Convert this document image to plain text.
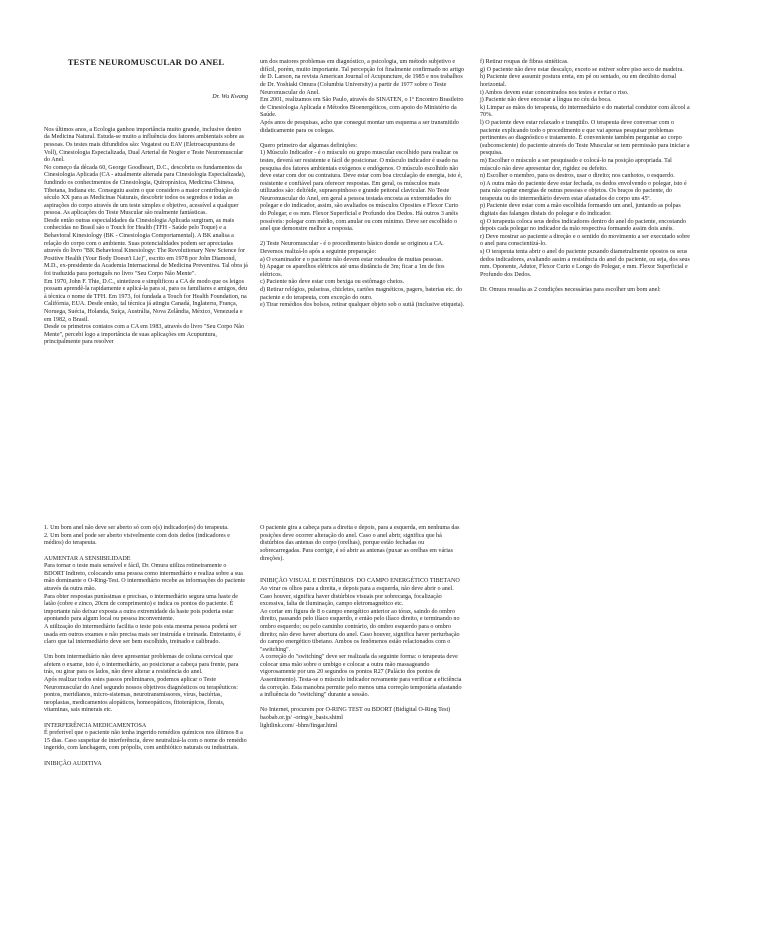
TESTE NEUROMUSCULAR DO ANEL

Dr. Wu Kwang

Nos últimos anos, a Ecologia ganhou importância muito grande, inclusive dentro da Medicina Natural. Estuda-se muito a influência dos fatores ambientais sobre as pessoas. Os testes mais difundidos são: Vegatest ou EAV (Eletroacupuntura de Voll), Cinesiologia Especializada, Dual Arterial de Nogier e Teste Neuromuscular do Anel.

No começo da década 60, George Goodheart, D.C., descobriu os fundamentos da Cinesiologia Aplicada (CA - atualmente alterada para Cinesiologia Especializada), fundindo os conhecimentos de Cinesiologia, Quiropráxica, Medicina Chinesa, Tibetana, Indiana etc. Conseguiu assim o que considero a maior contribuição do século XX para as Medicinas Naturais, descobrir todos os segredos e todas as aspirações do corpo através de um teste simples e objetivo, acessível a qualquer pessoa. As aplicações do Teste Muscular são realmente fantásticas.

Desde então outras especialidades da Cinesiologia Aplicada surgiram, as mais conhecidas no Brasil são o Touch for Health (TFH - Saúde pelo Toque) e a Behavioral Kinesiology (BK - Cinesiologia Comportamental). A BK analisa a relação do corpo com o ambiente. Suas potencialidades podem ser apreciadas através do livro "BK Behavioral Kinesiology: The Revolutionary New Science for Positive Health (Your Body Doesn't Lie)", escrito em 1978 por John Diamond, M.D., ex-presidente da Academia Internacional de Medicina Preventiva. Tal obra já foi traduzida para português no livro "Seu Corpo Não Mente".

Em 1970, John F. Thie, D.C., sintetizou e simplificou a CA de modo que os leigos possam aprendê-la rapidamente e aplicá-la para si, para os familiares e amigos, deu à técnica o nome de TFH. Em 1973, foi fundada a Touch for Health Foundation, na Califórnia, EUA. Desde então, tal técnica já atingiu Canadá, Inglaterra, França, Noruega, Suécia, Holanda, Suíça, Austrália, Nova Zelândia, México, Venezuela e em 1982, o Brasil.

Desde os primeiros contatos com a CA em 1983, através do livro "Seu Corpo Não Mente", percebi logo a importância de suas aplicações em Acupuntura, principalmente para resolver

um dos maiores problemas em diagnóstico, a psicologia, um método subjetivo e difícil, porém, muito importante. Tal percepção foi finalmente confirmado no artigo de D. Larson, na revista American Journal of Acupuncture, de 1985 e nos trabalhos de Dr. Yoshiaki Omura (Columbia University) a partir de 1977 sobre o Teste Neuromuscular do Anel.

Em 2001, realizamos em São Paulo, através do SINATEN, o 1º Encontro Brasileiro de Cinesiologia Aplicada e Métodos Bioenergéticos, com apoio do Ministério da Saúde.

Após anos de pesquisas, acho que consegui montar um esquema a ser transmitido didaticamente para os colegas.

Quero primeiro dar algumas definições:

1) Músculo Indicador - é o músculo ou grupo muscular escolhido para realizar os testes, deverá ser resistente e fácil de posicionar. O músculo indicador é usado na pesquisa dos fatores ambientais exógenos e endógenos. O músculo escolhido não deve estar com dor ou contratura. Deve estar com boa circulação de energia, isto é, resistente e confiável para oferecer respostas. Em geral, os músculos mais utilizados são: deltóide, supraespinhoso e grande peitoral clavicular. No Teste Neuromuscular do Anel, em geral a pessoa testada encosta as extremidades do polegar e do indicador, assim, são avaliados os músculos Oposites e Flexor Curto do Polegar, e os mm. Flexor Superficial e Profundo dos Dedos. Há outros 3 anéis possíveis: polegar com médio, com anular ou com mínimo. Deve ser escolhido o anel que demonstre melhor a resposta.

2) Teste Neuromuscular - é o procedimento básico donde se originou a CA. Devemos realizá-lo após a seguinte preparação:

a) O examinador e o paciente não devem estar rodeados de muitas pessoas.

b) Apagar os aparelhos elétricos até uma distância de 3m; ficar a 1m de fios elétricos.

c) Paciente não deve estar com bexiga ou estômago cheios.

d) Retirar relógios, pulseiras, chicletes, cartões magnéticos, pagers, baterias etc. do paciente e do terapeuta, com exceção do ouro.

e) Tirar remédios dos bolsos, retirar qualquer objeto sob o sutiã (inclusive etiqueta).

f) Retirar roupas de fibras sintéticas.

g) O paciente não deve estar descalço, exceto se estiver sobre piso seco de madeira.

h) Paciente deve assumir postura ereta, em pé ou sentado, ou em decúbito dorsal horizontal.

i) Ambos devem estar concentrados nos testes e evitar o riso.

j) Paciente não deve encostar a língua no céu da boca.

k) Limpar as mãos do terapeuta, do intermediário e do material condutor com álcool a 70%.

l) O paciente deve estar relaxado e tranqüilo. O terapeuta deve conversar com o paciente explicando todo o procedimento e que vai apenas pesquisar problemas pertinentes ao diagnóstico e tratamento. É conveniente também perguntar ao corpo (subconsciente) do paciente através do Teste Muscular se tem permissão para iniciar a pesquisa.

m) Escolher o músculo a ser pesquisado e colocá-lo na posição apropriada. Tal músculo não deve apresentar dor, rigidez ou defeito.

n) Escolher o membro, para os destros, usar o direito; nos canhotos, o esquerdo.

o) A outra mão do paciente deve estar fechada, os dedos envolvendo o polegar, isto é para não captar energias de outras pessoas e objetos. Os braços do paciente, do terapeuta ou do intermediário devem estar afastados do corpo uns 45º.

p) Paciente deve estar com a mão escolhida formando um anel, juntando as polpas digitais das falanges distais do polegar e do indicador.

q) O terapeuta coloca seus dedos indicadores dentro do anel do paciente, encostando depois cada polegar no indicador da mão respectiva formando assim dois anéis.

r) Deve mostrar ao paciente a direção e o sentido do movimento a ser executado sobre o anel para conscientizá-lo.

s) O terapeuta tenta abrir o anel do paciente puxando diametralmente opostos os seus dedos indicadores, avaliando assim a resistência do anel do paciente, ou seja, dos seus mm. Oponente, Adutor, Flexor Curto e Longo do Polegar, e mm. Flexor Superficial e Profundo dos Dedos.

Dr. Omura ressalta as 2 condições necessárias para escolher um bom anel:

1. Um bom anel não deve ser aberto só com o(s) indicador(es) do terapeuta.

2. Um bom anel pode ser aberto visivelmente com dois dedos (indicadores e médios) do terapeuta.

AUMENTAR A SENSIBILIDADE

Para tornar o teste mais sensível e fácil, Dr. Omura utiliza rotineiramente o BDORT Indireto, colocando uma pessoa como intermediário e realiza sobre a sua mão dominante o O-Ring-Test. O intermediário recebe as informações do paciente através da outra mão.

Para obter respostas puníssimas e precisas, o intermediário segura uma haste de latão (cobre e zinco, 20cm de comprimento) e indica os pontos do paciente. É importante não deixar exposta a outra extremidade da haste pois poderia estar apontando para algum local ou pessoa inconveniente.

A utilização do intermediário facilita o teste pois esta mesma pessoa poderá ser usada em outros exames e não precisa mais ser instruída e treinada. Entretanto, é claro que tal intermediário deve ser bem escolhido, treinado e calibrado.

Um bom intermediário não deve apresentar problemas de coluna cervical que afetem o exame, isto é, o intermediário, ao posicionar a cabeça para frente, para trás, ou girar para os lados, não deve alterar a resistência do anel.

Após realizar todos estes passos preliminares, podemos aplicar o Teste Neuromuscular do Anel segundo nossos objetivos diagnósticos ou terapêuticos: pontos, meridianos, micro-sistemas, neurotransmissores, vírus, bactérias, neoplasias, medicamentos alopáticos, homeopáticos, fitoterápicos, florais, vitaminas, sais minerais etc.

INTERFERÊNCIA MEDICAMENTOSA

É preferível que o paciente não tenha ingerido remédios químicos nos últimos 8 a 15 dias. Caso suspeitar de interferência, deve neutralizá-la com o nome do remédio ingerido, com lanchagem, com própolis, com antibiótico naturais ou industriais.

INIBIÇÃO AUDITIVA

O paciente gira a cabeça para a direita e depois, para a esquerda, em nenhuma das posições deve ocorrer alteração do anel. Caso o anel abrir, significa que há distúrbios das antenas do corpo (orelhas), porque estão fechadas ou sobrecarregadas. Para corrigir, é só abrir as antenas (puxar as orelhas em várias direções).

INIBIÇÃO VISUAL E DISTÚRBIOS  DO CAMPO ENERGÉTICO TIBETANO

Ao virar os olhos para a direita, e depois para a esquerda, não deve abrir o anel. Caso houver, significa haver distúrbios visuais por sobrecarga, focalização excessiva, falta de iluminação, campo eletromagnético etc.

Ao cortar em figura de 8 o campo energético anterior ao tórax, saindo do ombro direito, passando pelo ilíaco esquerdo, e então pelo ilíaco direito, e terminando no ombro esquerdo; ou pelo caminho contrário, do ombro esquerdo para o ombro direito; não deve haver abertura do anel. Caso houver, significa haver perturbação do campo energético tibetano. Ambos os fenômenos estão relacionados com o "switching".

A correção do "switching" deve ser realizada da seguinte forma: o terapeuta deve colocar uma mão sobre o umbigo e colocar a outra mão massageando vigorosamente por uns 20 segundos os pontos R27 (Palácio dos pontos de Assentimento). Testa-se o músculo indicador novamente para verificar a eficiência da correção. Esta manobra permite pelo menos uma correção temporária afastando a influência do "switching" durante a sessão.

No Internet, procurem por O-RING TEST ou BDORT (Bidigital O-Ring Test)

baobab.or.jp/ -oring/e_basis.shtml

lightlink.com/ -bhm/fingar.html
